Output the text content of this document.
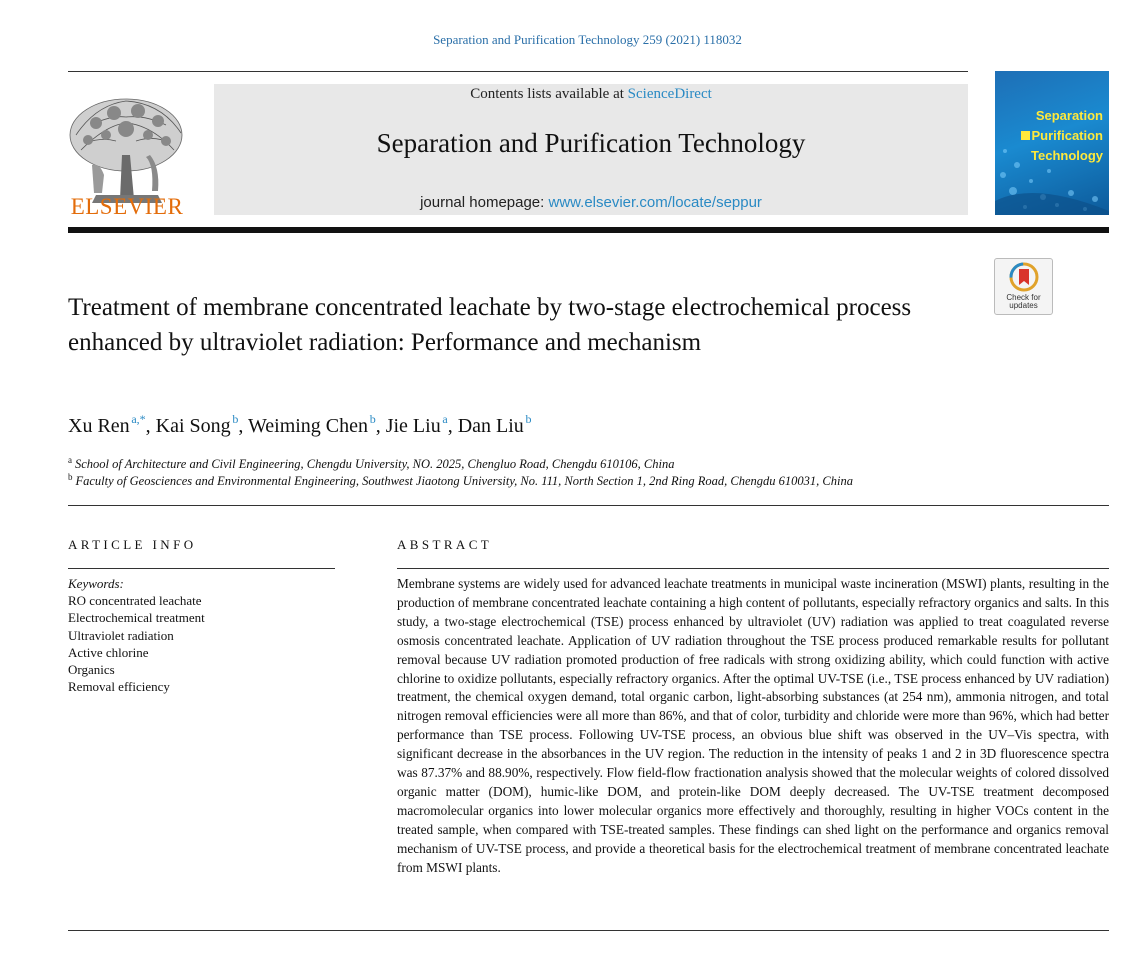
Separation and Purification Technology 259 (2021) 118032
ELSEVIER
Contents lists available at ScienceDirect
Separation and Purification Technology
journal homepage: www.elsevier.com/locate/seppur
Separation
Purification
Technology
Check for
updates
Treatment of membrane concentrated leachate by two-stage electrochemical process enhanced by ultraviolet radiation: Performance and mechanism
Xu Ren  $^{a,*}$, Kai Song  $^b$, Weiming Chen  $^b$, Jie Liu  $^a$, Dan Liu  $^b$
$^a$ School of Architecture and Civil Engineering, Chengdu University, NO. 2025, Chengluo Road, Chengdu 610106, China
$^b$ Faculty of Geosciences and Environmental Engineering, Southwest Jiaotong University, No. 111, North Section 1, 2nd Ring Road, Chengdu 610031, China
ARTICLE INFO
Keywords:
RO concentrated leachate
Electrochemical treatment
Ultraviolet radiation
Active chlorine
Organics
Removal efficiency
ABSTRACT
Membrane systems are widely used for advanced leachate treatments in municipal waste incineration (MSWI) plants, resulting in the production of membrane concentrated leachate containing a high content of pollutants, especially refractory organics and salts. In this study, a two-stage electrochemical (TSE) process enhanced by ultraviolet (UV) radiation was applied to treat coagulated reverse osmosis concentrated leachate. Application of UV radiation throughout the TSE process produced remarkable results for pollutant removal because UV radiation promoted production of free radicals with strong oxidizing ability, which could function with active chlorine to oxidize pollutants, especially refractory organics. After the optimal UV-TSE (i.e., TSE process enhanced by UV radiation) treatment, the chemical oxygen demand, total organic carbon, light-absorbing substances (at 254 nm), ammonia nitrogen, and total nitrogen removal efficiencies were all more than 86%, and that of color, turbidity and chloride were more than 96%, which had better performance than TSE process. Following UV-TSE process, an obvious blue shift was observed in the UV–Vis spectra, with significant decrease in the absorbances in the UV region. The reduction in the intensity of peaks 1 and 2 in 3D fluorescence spectra was 87.37% and 88.90%, respectively. Flow field-flow fractionation analysis showed that the molecular weights of colored dissolved organic matter (DOM), humic-like DOM, and protein-like DOM deeply decreased. The UV-TSE treatment decomposed macromolecular organics into lower molecular organics more effectively and thoroughly, resulting in higher VOCs content in the treated sample, when compared with TSE-treated samples. These findings can shed light on the performance and organics removal mechanism of UV-TSE process, and provide a theoretical basis for the electrochemical treatment of membrane concentrated leachate from MSWI plants.
